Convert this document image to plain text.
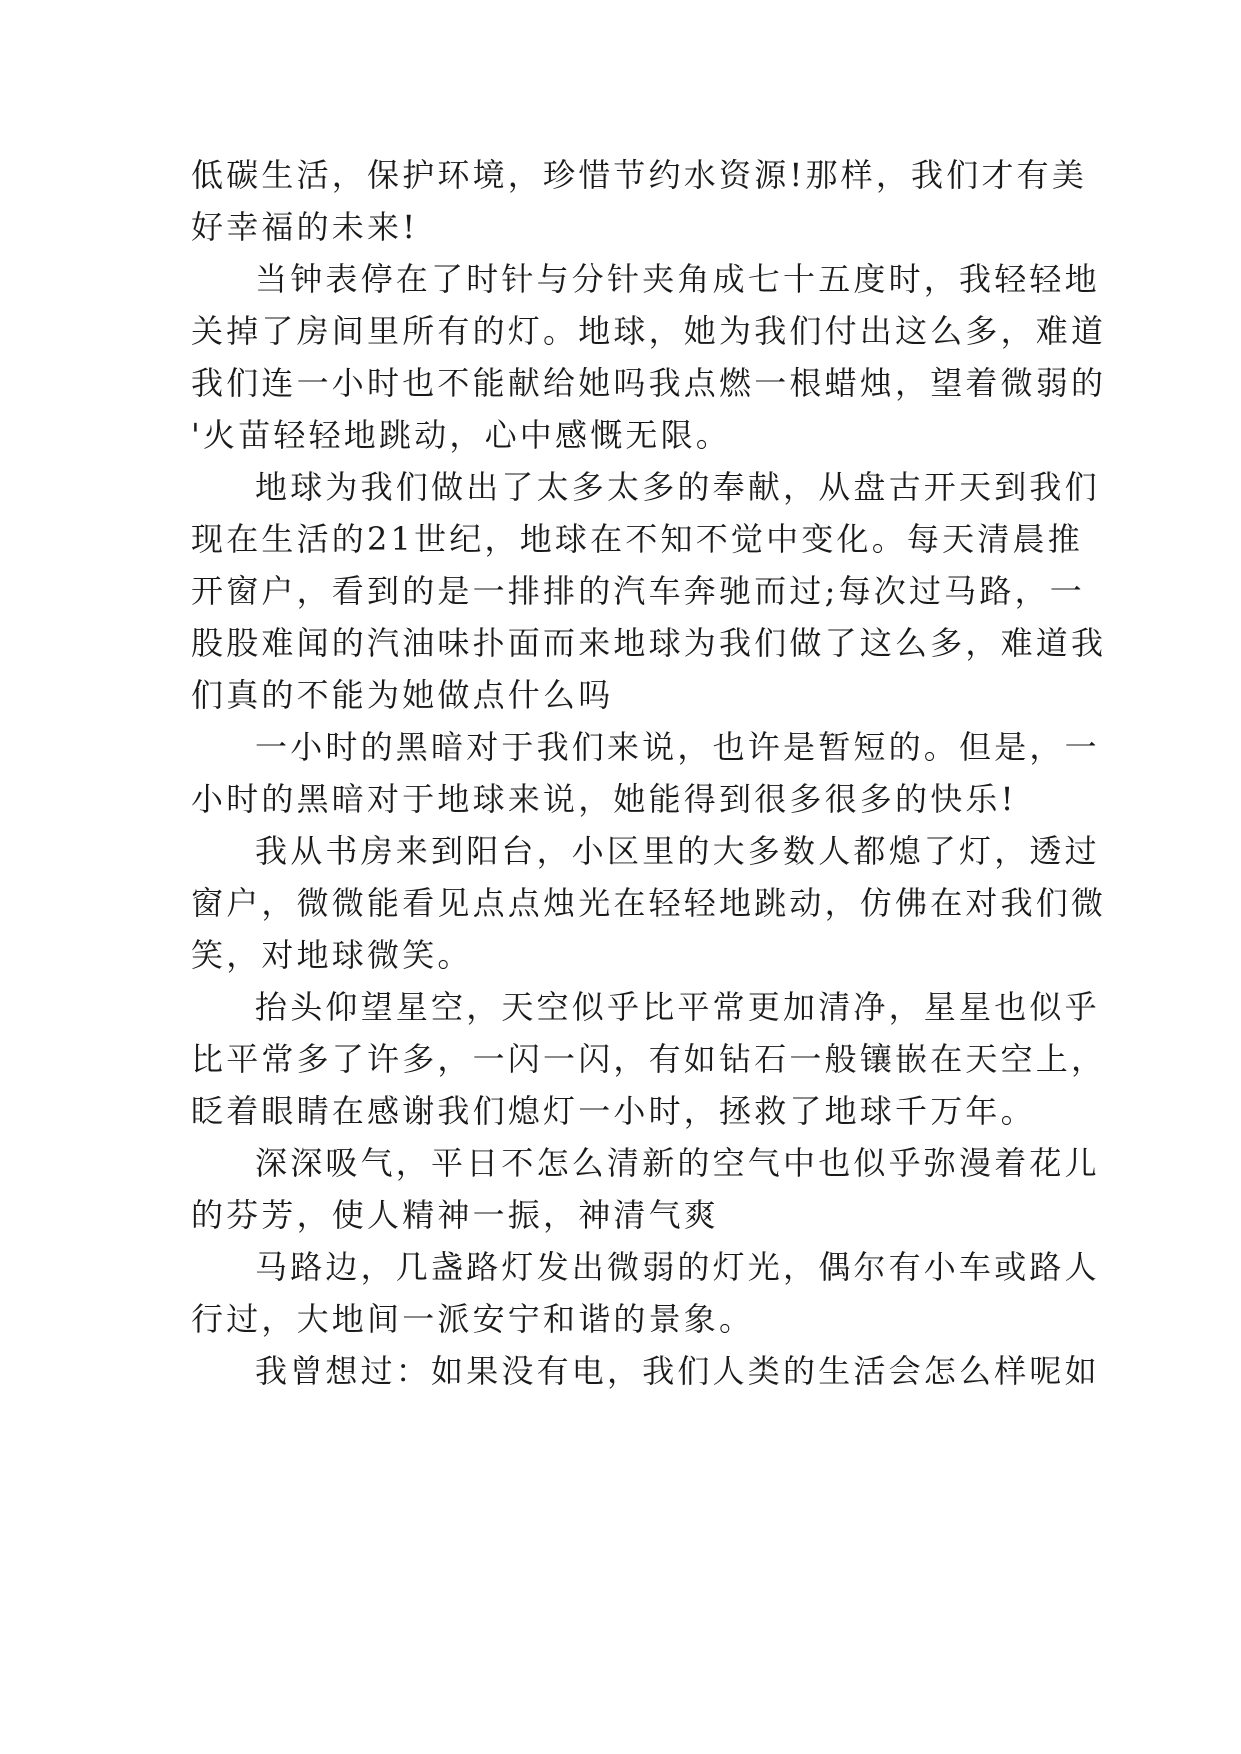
低碳生活，保护环境，珍惜节约水资源!那样，我们才有美
好幸福的未来!
当钟表停在了时针与分针夹角成七十五度时，我轻轻地
关掉了房间里所有的灯。地球，她为我们付出这么多，难道
我们连一小时也不能献给她吗我点燃一根蜡烛，望着微弱的
'火苗轻轻地跳动，心中感慨无限。
地球为我们做出了太多太多的奉献，从盘古开天到我们
现在生活的21世纪，地球在不知不觉中变化。每天清晨推
开窗户，看到的是一排排的汽车奔驰而过;每次过马路，一
股股难闻的汽油味扑面而来地球为我们做了这么多，难道我
们真的不能为她做点什么吗
一小时的黑暗对于我们来说，也许是暂短的。但是，一
小时的黑暗对于地球来说，她能得到很多很多的快乐!
我从书房来到阳台，小区里的大多数人都熄了灯，透过
窗户，微微能看见点点烛光在轻轻地跳动，仿佛在对我们微
笑，对地球微笑。
抬头仰望星空，天空似乎比平常更加清净，星星也似乎
比平常多了许多，一闪一闪，有如钻石一般镶嵌在天空上，
眨着眼睛在感谢我们熄灯一小时，拯救了地球千万年。
深深吸气，平日不怎么清新的空气中也似乎弥漫着花儿
的芬芳，使人精神一振，神清气爽
马路边，几盏路灯发出微弱的灯光，偶尔有小车或路人
行过，大地间一派安宁和谐的景象。
我曾想过：如果没有电，我们人类的生活会怎么样呢如
